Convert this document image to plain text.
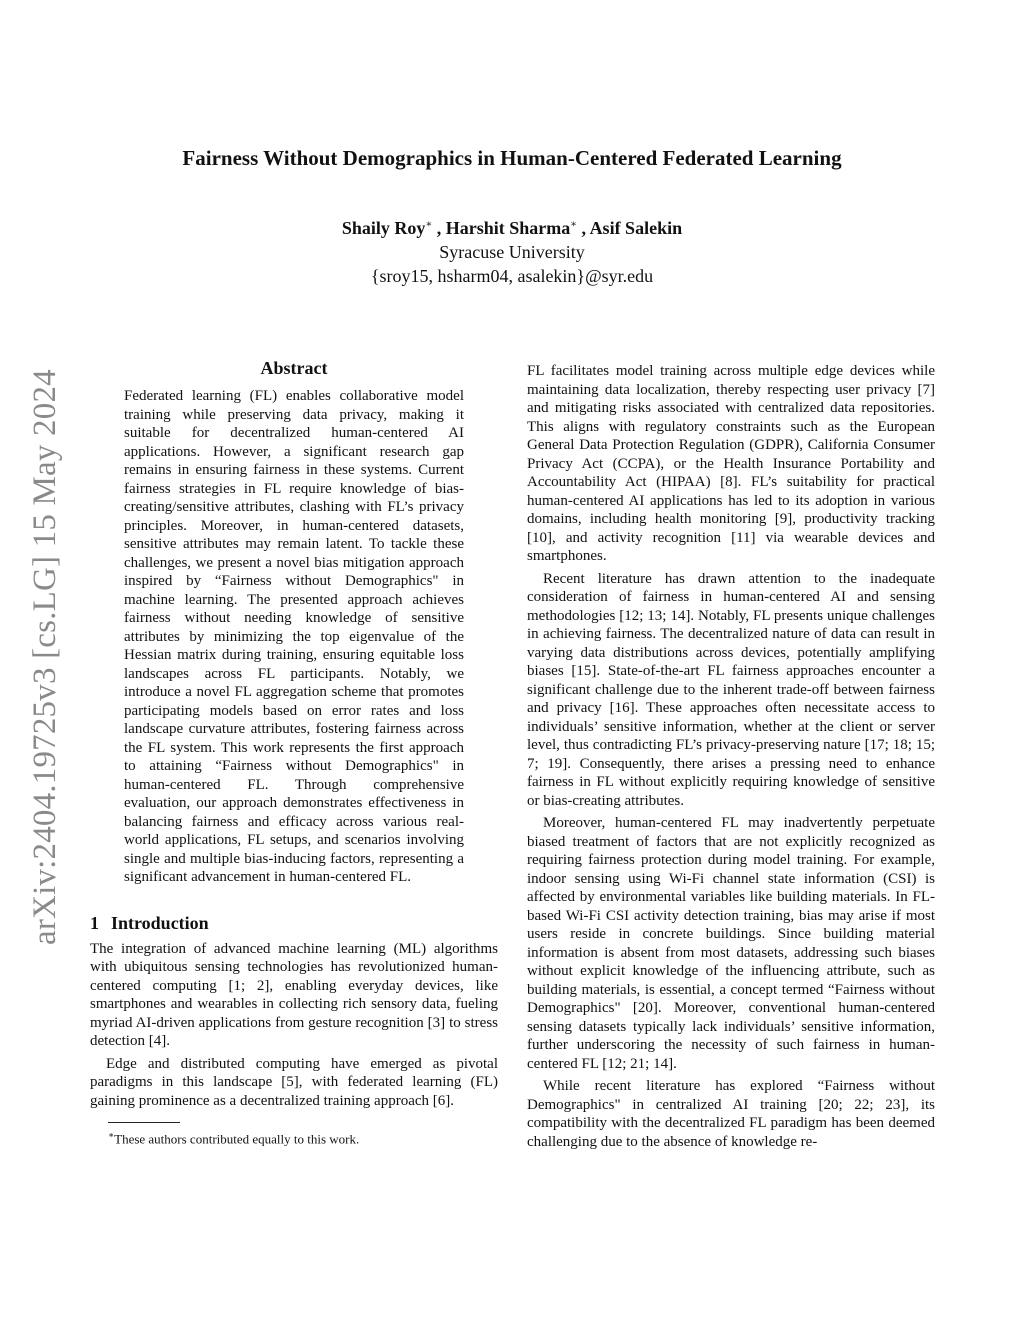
Fairness Without Demographics in Human-Centered Federated Learning
Shaily Roy∗ , Harshit Sharma∗ , Asif Salekin
Syracuse University
{sroy15, hsharm04, asalekin}@syr.edu
arXiv:2404.19725v3 [cs.LG] 15 May 2024
Abstract

Federated learning (FL) enables collaborative model training while preserving data privacy, making it suitable for decentralized human-centered AI applications. However, a significant research gap remains in ensuring fairness in these systems. Current fairness strategies in FL require knowledge of bias-creating/sensitive attributes, clashing with FL’s privacy principles. Moreover, in human-centered datasets, sensitive attributes may remain latent. To tackle these challenges, we present a novel bias mitigation approach inspired by “Fairness without Demographics" in machine learning. The presented approach achieves fairness without needing knowledge of sensitive attributes by minimizing the top eigenvalue of the Hessian matrix during training, ensuring equitable loss landscapes across FL participants. Notably, we introduce a novel FL aggregation scheme that promotes participating models based on error rates and loss landscape curvature attributes, fostering fairness across the FL system. This work represents the first approach to attaining “Fairness without Demographics" in human-centered FL. Through comprehensive evaluation, our approach demonstrates effectiveness in balancing fairness and efficacy across various real-world applications, FL setups, and scenarios involving single and multiple bias-inducing factors, representing a significant advancement in human-centered FL.

1 Introduction

The integration of advanced machine learning (ML) algorithms with ubiquitous sensing technologies has revolutionized human-centered computing [1; 2], enabling everyday devices, like smartphones and wearables in collecting rich sensory data, fueling myriad AI-driven applications from gesture recognition [3] to stress detection [4].

Edge and distributed computing have emerged as pivotal paradigms in this landscape [5], with federated learning (FL) gaining prominence as a decentralized training approach [6].

∗These authors contributed equally to this work.

FL facilitates model training across multiple edge devices while maintaining data localization, thereby respecting user privacy [7] and mitigating risks associated with centralized data repositories. This aligns with regulatory constraints such as the European General Data Protection Regulation (GDPR), California Consumer Privacy Act (CCPA), or the Health Insurance Portability and Accountability Act (HIPAA) [8]. FL’s suitability for practical human-centered AI applications has led to its adoption in various domains, including health monitoring [9], productivity tracking [10], and activity recognition [11] via wearable devices and smartphones.

Recent literature has drawn attention to the inadequate consideration of fairness in human-centered AI and sensing methodologies [12; 13; 14]. Notably, FL presents unique challenges in achieving fairness. The decentralized nature of data can result in varying data distributions across devices, potentially amplifying biases [15]. State-of-the-art FL fairness approaches encounter a significant challenge due to the inherent trade-off between fairness and privacy [16]. These approaches often necessitate access to individuals’ sensitive information, whether at the client or server level, thus contradicting FL’s privacy-preserving nature [17; 18; 15; 7; 19]. Consequently, there arises a pressing need to enhance fairness in FL without explicitly requiring knowledge of sensitive or bias-creating attributes.

Moreover, human-centered FL may inadvertently perpetuate biased treatment of factors that are not explicitly recognized as requiring fairness protection during model training. For example, indoor sensing using Wi-Fi channel state information (CSI) is affected by environmental variables like building materials. In FL-based Wi-Fi CSI activity detection training, bias may arise if most users reside in concrete buildings. Since building material information is absent from most datasets, addressing such biases without explicit knowledge of the influencing attribute, such as building materials, is essential, a concept termed “Fairness without Demographics" [20]. Moreover, conventional human-centered sensing datasets typically lack individuals’ sensitive information, further underscoring the necessity of such fairness in human-centered FL [12; 21; 14].

While recent literature has explored “Fairness without Demographics" in centralized AI training [20; 22; 23], its compatibility with the decentralized FL paradigm has been deemed challenging due to the absence of knowledge re-
